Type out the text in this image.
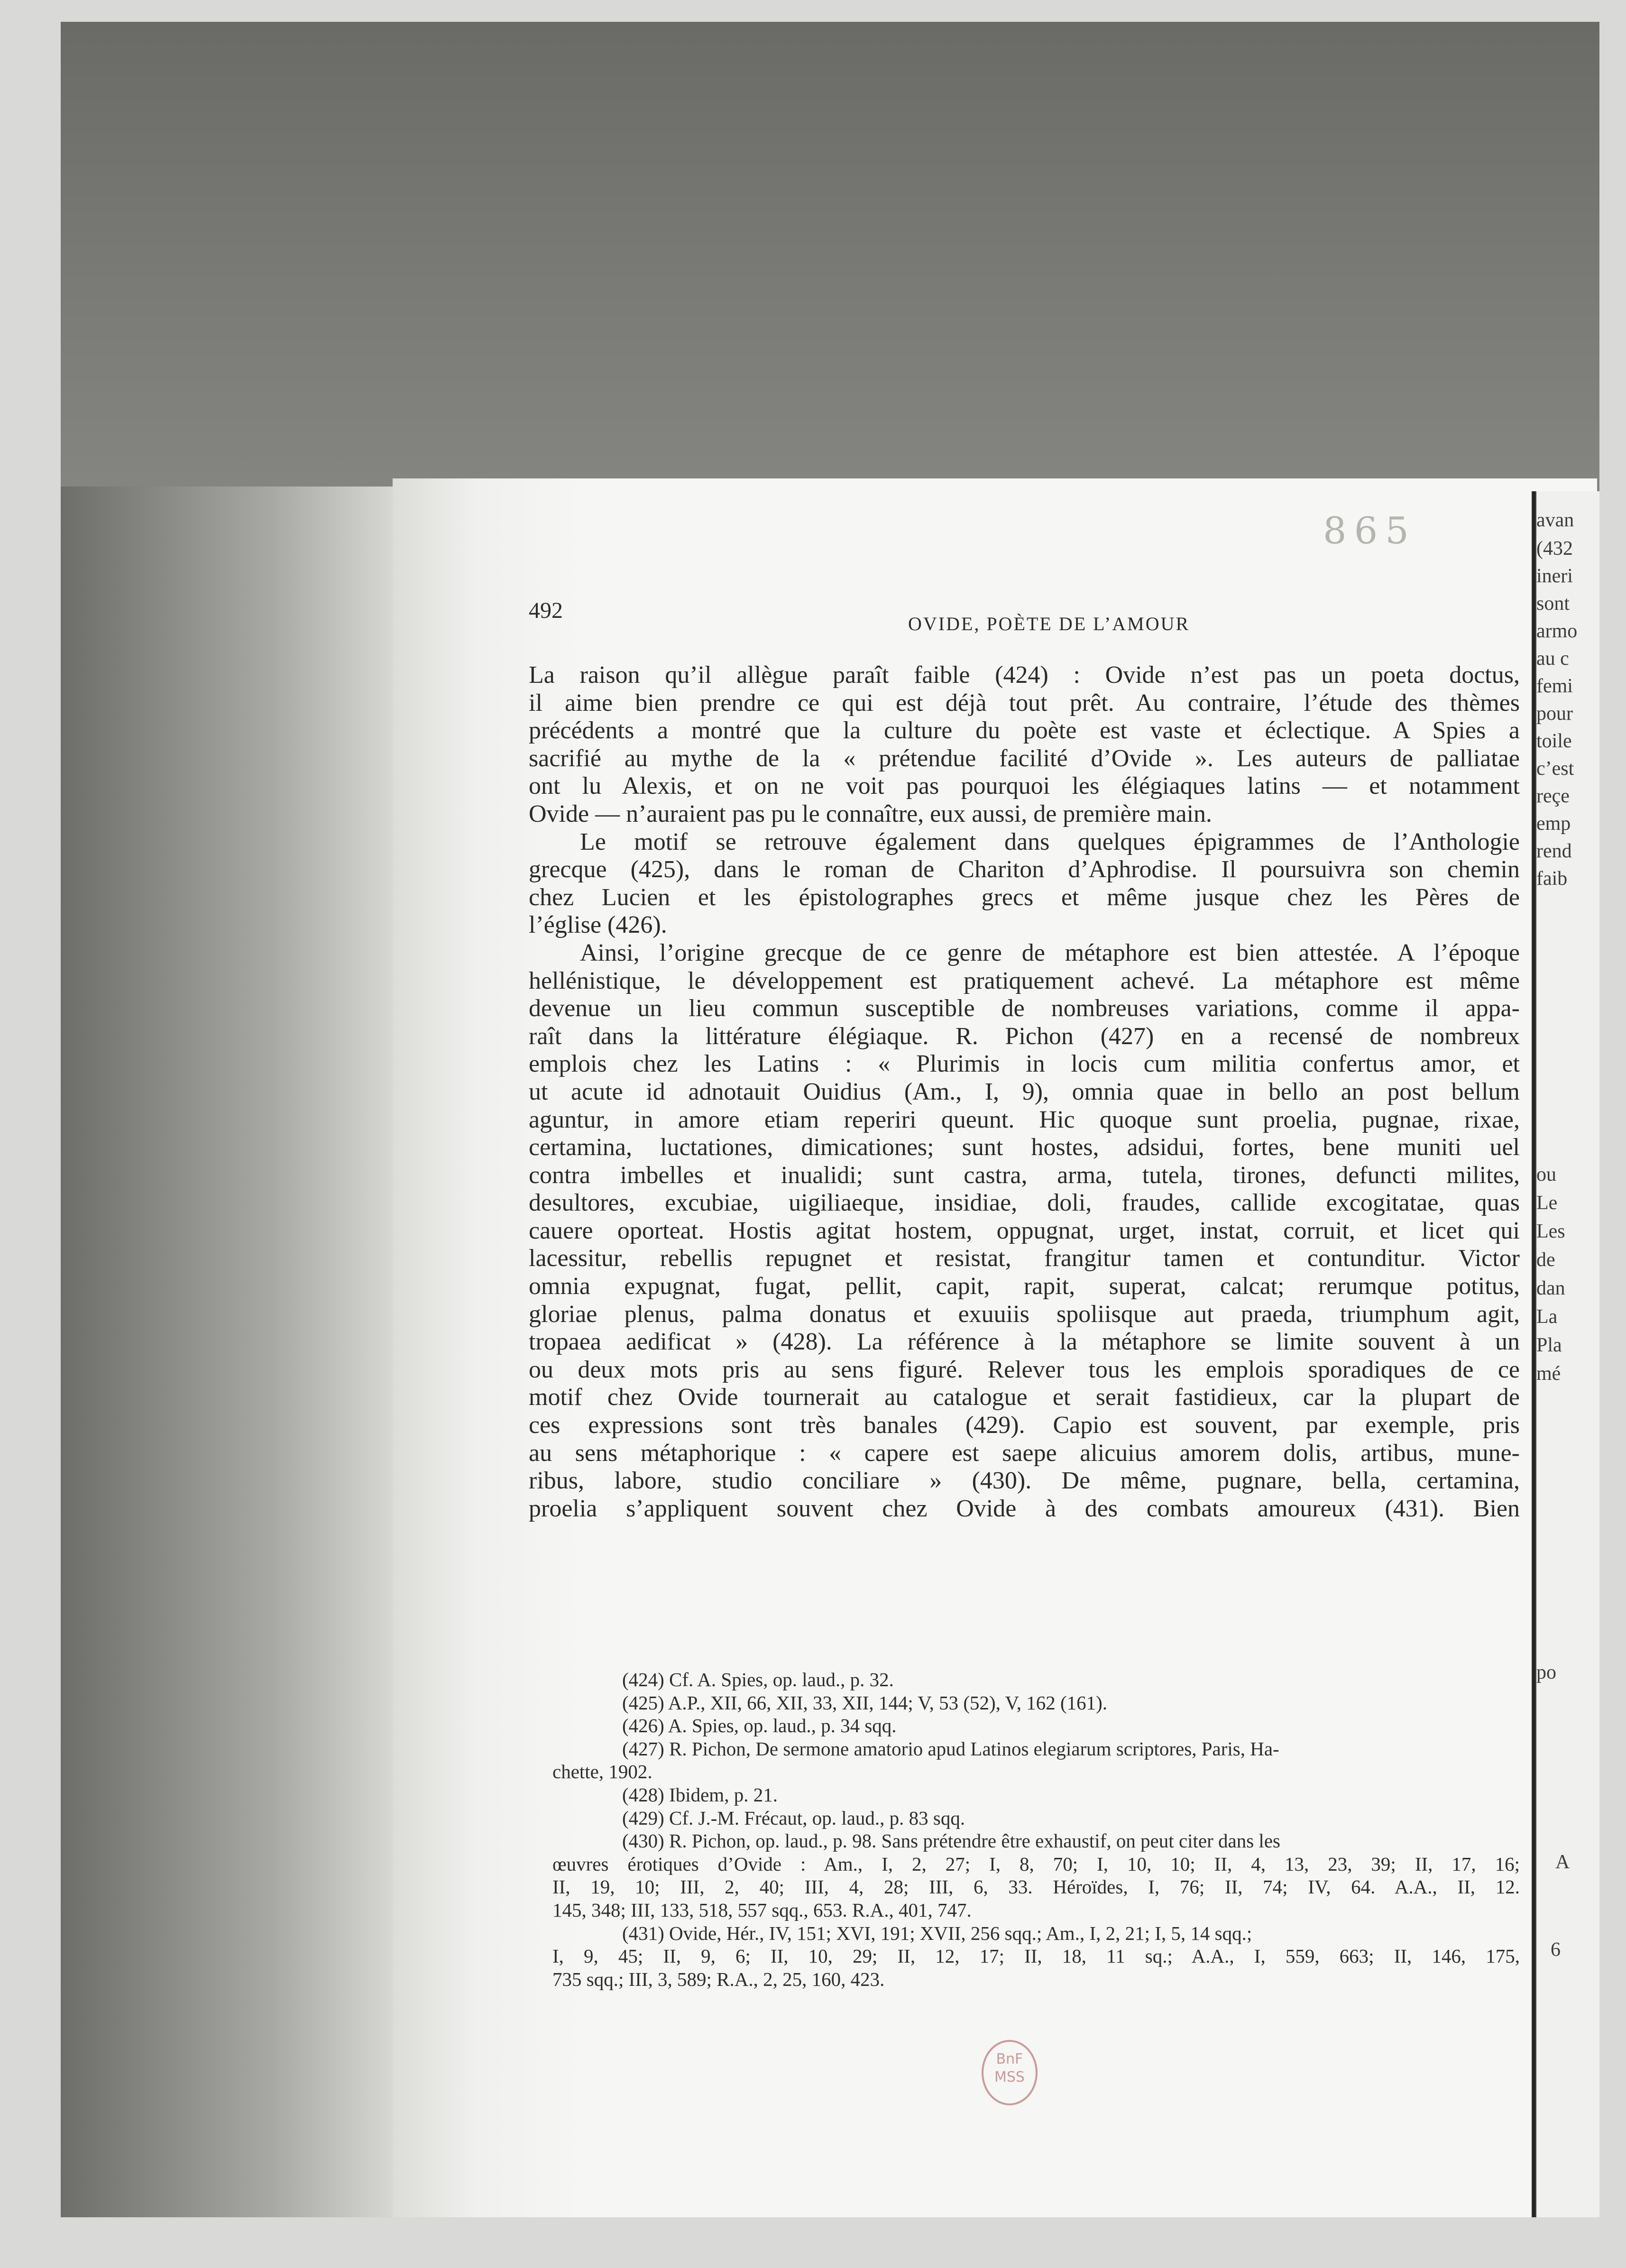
avan
(432
ineri
sont
armo
au c
femi
pour
toile
c’est
reçe
emp
rend
faib
ou
Le
Les
de
dan
La
Pla
mé
po
A
6
865
492
OVIDE, POÈTE DE L’AMOUR
La raison qu’il allègue paraît faible (424) : Ovide n’est pas un poeta doctus,
il aime bien prendre ce qui est déjà tout prêt. Au contraire, l’étude des thèmes
précédents a montré que la culture du poète est vaste et éclectique. A Spies a
sacrifié au mythe de la « prétendue facilité d’Ovide ». Les auteurs de palliatae
ont lu Alexis, et on ne voit pas pourquoi les élégiaques latins — et notamment
Ovide — n’auraient pas pu le connaître, eux aussi, de première main.
Le motif se retrouve également dans quelques épigrammes de l’Anthologie
grecque (425), dans le roman de Chariton d’Aphrodise. Il poursuivra son chemin
chez Lucien et les épistolographes grecs et même jusque chez les Pères de
l’église (426).
Ainsi, l’origine grecque de ce genre de métaphore est bien attestée. A l’époque
hellénistique, le développement est pratiquement achevé. La métaphore est même
devenue un lieu commun susceptible de nombreuses variations, comme il appa-
raît dans la littérature élégiaque. R. Pichon (427) en a recensé de nombreux
emplois chez les Latins : « Plurimis in locis cum militia confertus amor, et
ut acute id adnotauit Ouidius (Am., I, 9), omnia quae in bello an post bellum
aguntur, in amore etiam reperiri queunt. Hic quoque sunt proelia, pugnae, rixae,
certamina, luctationes, dimicationes; sunt hostes, adsidui, fortes, bene muniti uel
contra imbelles et inualidi; sunt castra, arma, tutela, tirones, defuncti milites,
desultores, excubiae, uigiliaeque, insidiae, doli, fraudes, callide excogitatae, quas
cauere oporteat. Hostis agitat hostem, oppugnat, urget, instat, corruit, et licet qui
lacessitur, rebellis repugnet et resistat, frangitur tamen et contunditur. Victor
omnia expugnat, fugat, pellit, capit, rapit, superat, calcat; rerumque potitus,
gloriae plenus, palma donatus et exuuiis spoliisque aut praeda, triumphum agit,
tropaea aedificat » (428). La référence à la métaphore se limite souvent à un
ou deux mots pris au sens figuré. Relever tous les emplois sporadiques de ce
motif chez Ovide tournerait au catalogue et serait fastidieux, car la plupart de
ces expressions sont très banales (429). Capio est souvent, par exemple, pris
au sens métaphorique : « capere est saepe alicuius amorem dolis, artibus, mune-
ribus, labore, studio conciliare » (430). De même, pugnare, bella, certamina,
proelia s’appliquent souvent chez Ovide à des combats amoureux (431). Bien
(424) Cf. A. Spies, op. laud., p. 32.
(425) A.P., XII, 66, XII, 33, XII, 144; V, 53 (52), V, 162 (161).
(426) A. Spies, op. laud., p. 34 sqq.
(427) R. Pichon, De sermone amatorio apud Latinos elegiarum scriptores, Paris, Ha-
chette, 1902.
(428) Ibidem, p. 21.
(429) Cf. J.-M. Frécaut, op. laud., p. 83 sqq.
(430) R. Pichon, op. laud., p. 98. Sans prétendre être exhaustif, on peut citer dans les
œuvres érotiques d’Ovide : Am., I, 2, 27; I, 8, 70; I, 10, 10; II, 4, 13, 23, 39; II, 17, 16;
II, 19, 10; III, 2, 40; III, 4, 28; III, 6, 33. Héroïdes, I, 76; II, 74; IV, 64. A.A., II, 12.
145, 348; III, 133, 518, 557 sqq., 653. R.A., 401, 747.
(431) Ovide, Hér., IV, 151; XVI, 191; XVII, 256 sqq.; Am., I, 2, 21; I, 5, 14 sqq.;
I, 9, 45; II, 9, 6; II, 10, 29; II, 12, 17; II, 18, 11 sq.; A.A., I, 559, 663; II, 146, 175,
735 sqq.; III, 3, 589; R.A., 2, 25, 160, 423.
BnF
MSS
